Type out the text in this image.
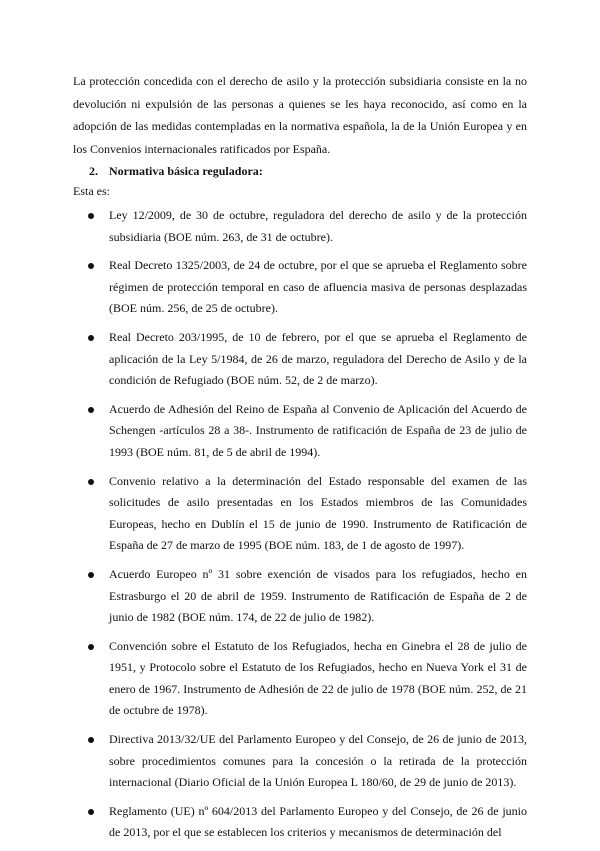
La protección concedida con el derecho de asilo y la protección subsidiaria consiste en la no devolución ni expulsión de las personas a quienes se les haya reconocido, así como en la adopción de las medidas contempladas en la normativa española, la de la Unión Europea y en los Convenios internacionales ratificados por España.

2. Normativa básica reguladora:

Esta es:

Ley 12/2009, de 30 de octubre, reguladora del derecho de asilo y de la protección subsidiaria (BOE núm. 263, de 31 de octubre).
Real Decreto 1325/2003, de 24 de octubre, por el que se aprueba el Reglamento sobre régimen de protección temporal en caso de afluencia masiva de personas desplazadas (BOE núm. 256, de 25 de octubre).
Real Decreto 203/1995, de 10 de febrero, por el que se aprueba el Reglamento de aplicación de la Ley 5/1984, de 26 de marzo, reguladora del Derecho de Asilo y de la condición de Refugiado (BOE núm. 52, de 2 de marzo).
Acuerdo de Adhesión del Reino de España al Convenio de Aplicación del Acuerdo de Schengen -artículos 28 a 38-. Instrumento de ratificación de España de 23 de julio de 1993 (BOE núm. 81, de 5 de abril de 1994).
Convenio relativo a la determinación del Estado responsable del examen de las solicitudes de asilo presentadas en los Estados miembros de las Comunidades Europeas, hecho en Dublín el 15 de junio de 1990. Instrumento de Ratificación de España de 27 de marzo de 1995 (BOE núm. 183, de 1 de agosto de 1997).
Acuerdo Europeo nº 31 sobre exención de visados para los refugiados, hecho en Estrasburgo el 20 de abril de 1959. Instrumento de Ratificación de España de 2 de junio de 1982 (BOE núm. 174, de 22 de julio de 1982).
Convención sobre el Estatuto de los Refugiados, hecha en Ginebra el 28 de julio de 1951, y Protocolo sobre el Estatuto de los Refugiados, hecho en Nueva York el 31 de enero de 1967. Instrumento de Adhesión de 22 de julio de 1978 (BOE núm. 252, de 21 de octubre de 1978).
Directiva 2013/32/UE del Parlamento Europeo y del Consejo, de 26 de junio de 2013, sobre procedimientos comunes para la concesión o la retirada de la protección internacional (Diario Oficial de la Unión Europea L 180/60, de 29 de junio de 2013).
Reglamento (UE) nº 604/2013 del Parlamento Europeo y del Consejo, de 26 de junio de 2013, por el que se establecen los criterios y mecanismos de determinación del
